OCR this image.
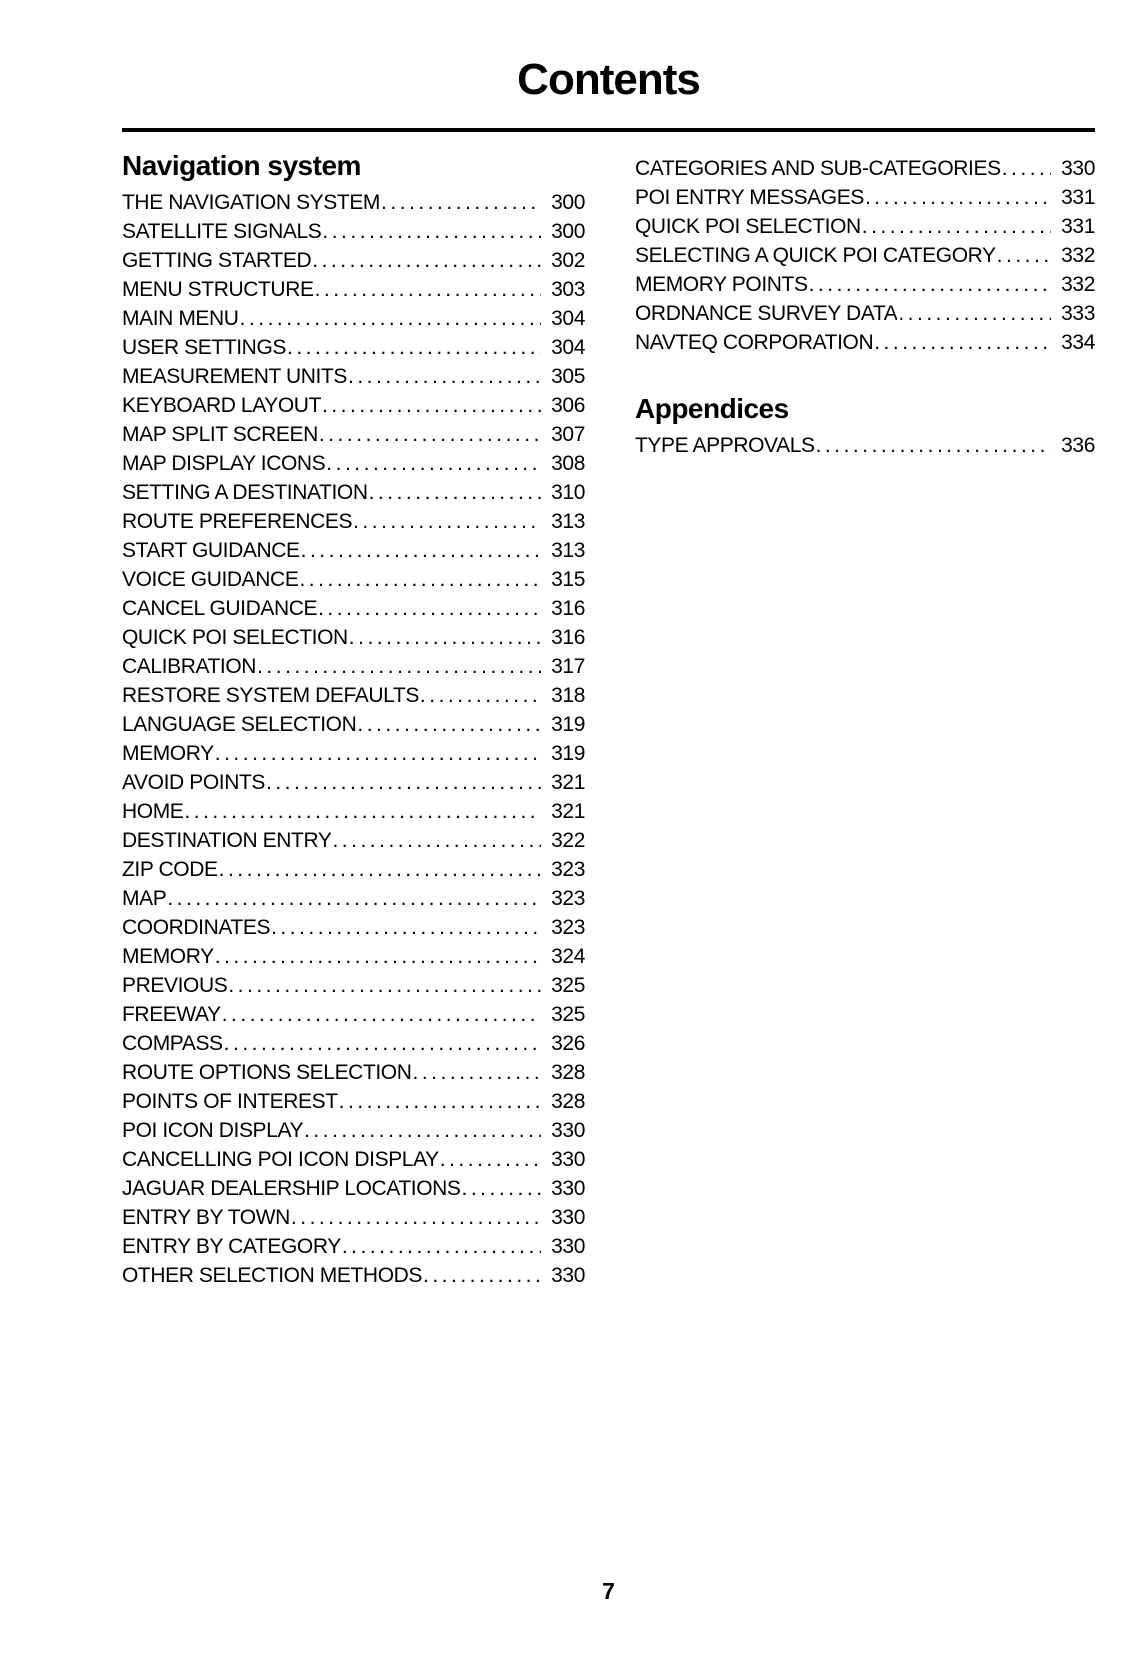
Contents
Navigation system
THE NAVIGATION SYSTEM .....	300
SATELLITE SIGNALS .....	300
GETTING STARTED .....	302
MENU STRUCTURE .....	303
MAIN MENU .....	304
USER SETTINGS .....	304
MEASUREMENT UNITS .....	305
KEYBOARD LAYOUT .....	306
MAP SPLIT SCREEN .....	307
MAP DISPLAY ICONS .....	308
SETTING A DESTINATION .....	310
ROUTE PREFERENCES .....	313
START GUIDANCE .....	313
VOICE GUIDANCE .....	315
CANCEL GUIDANCE .....	316
QUICK POI SELECTION .....	316
CALIBRATION .....	317
RESTORE SYSTEM DEFAULTS .....	318
LANGUAGE SELECTION .....	319
MEMORY .....	319
AVOID POINTS .....	321
HOME .....	321
DESTINATION ENTRY .....	322
ZIP CODE .....	323
MAP .....	323
COORDINATES .....	323
MEMORY .....	324
PREVIOUS .....	325
FREEWAY .....	325
COMPASS .....	326
ROUTE OPTIONS SELECTION .....	328
POINTS OF INTEREST .....	328
POI ICON DISPLAY .....	330
CANCELLING POI ICON DISPLAY .....	330
JAGUAR DEALERSHIP LOCATIONS .....	330
ENTRY BY TOWN .....	330
ENTRY BY CATEGORY .....	330
OTHER SELECTION METHODS .....	330
CATEGORIES AND SUB-CATEGORIES .....	330
POI ENTRY MESSAGES .....	331
QUICK POI SELECTION .....	331
SELECTING A QUICK POI CATEGORY .....	332
MEMORY POINTS .....	332
ORDNANCE SURVEY DATA .....	333
NAVTEQ CORPORATION .....	334
Appendices
TYPE APPROVALS .....	336
7
